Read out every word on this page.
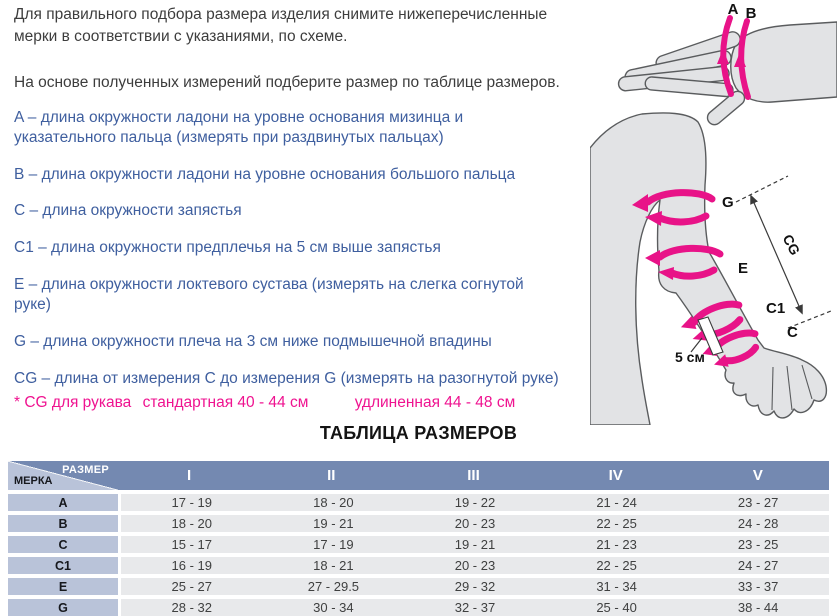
Для правильного подбора размера изделия снимите нижеперечисленные мерки в соответствии с указаниями, по схеме.

На основе полученных измерений подберите размер по таблице размеров.

A – длина окружности ладони на уровне основания мизинца и указательного пальца (измерять при раздвинутых пальцах)

B – длина окружности ладони на уровне основания большого пальца

C – длина окружности запястья

C1 – длина окружности предплечья на 5 см выше запястья

E – длина окружности локтевого сустава (измерять на слегка согнутой руке)

G – длина окружности плеча на 3 см ниже подмышечной впадины

CG – длина от измерения C до измерения G (измерять на разогнутой руке)

* CG для рукава стандартная 40 - 44 см	удлиненная 44 - 48 см
ТАБЛИЦА РАЗМЕРОВ
РАЗМЕР
МЕРКА	I	II	III	IV	V
A	17 - 19	18 - 20	19 - 22	21 - 24	23 - 27
B	18 - 20	19 - 21	20 - 23	22 - 25	24 - 28
C	15 - 17	17 - 19	19 - 21	21 - 23	23 - 25
C1	16 - 19	18 - 21	20 - 23	22 - 25	24 - 27
E	25 - 27	27 - 29.5	29 - 32	31 - 34	33 - 37
G	28 - 32	30 - 34	32 - 37	25 - 40	38 - 44
A B
5 см
CG
G
E
C1
C
